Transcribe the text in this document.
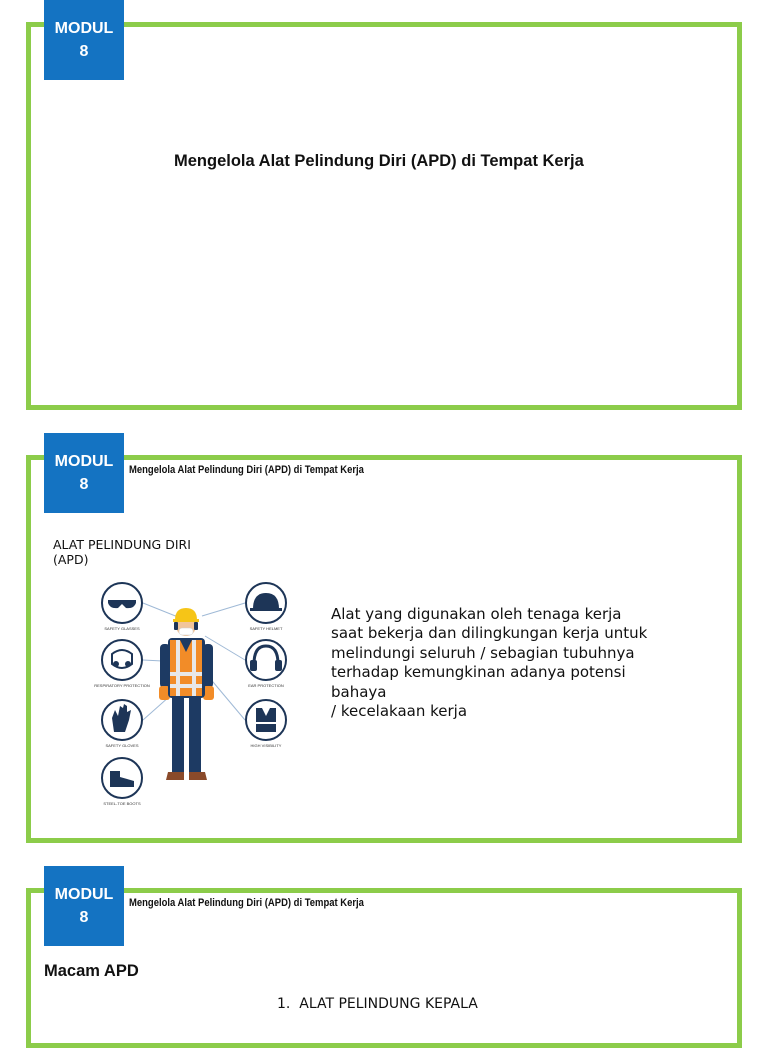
MODUL
8
Mengelola Alat Pelindung Diri (APD) di Tempat Kerja
MODUL
8
Mengelola Alat Pelindung Diri (APD) di Tempat Kerja
ALAT PELINDUNG DIRI
(APD)
SAFETY GLASSES
RESPIRATORY PROTECTION
SAFETY GLOVES
STEEL-TOE BOOTS
SAFETY HELMET
EAR PROTECTION
HIGH VISIBILITY
Alat yang digunakan oleh tenaga kerja
saat bekerja dan dilingkungan kerja untuk
melindungi seluruh / sebagian tubuhnya
terhadap kemungkinan adanya potensi
bahaya
/ kecelakaan kerja
MODUL
8
Mengelola Alat Pelindung Diri (APD) di Tempat Kerja
Macam APD
1. ALAT PELINDUNG KEPALA
